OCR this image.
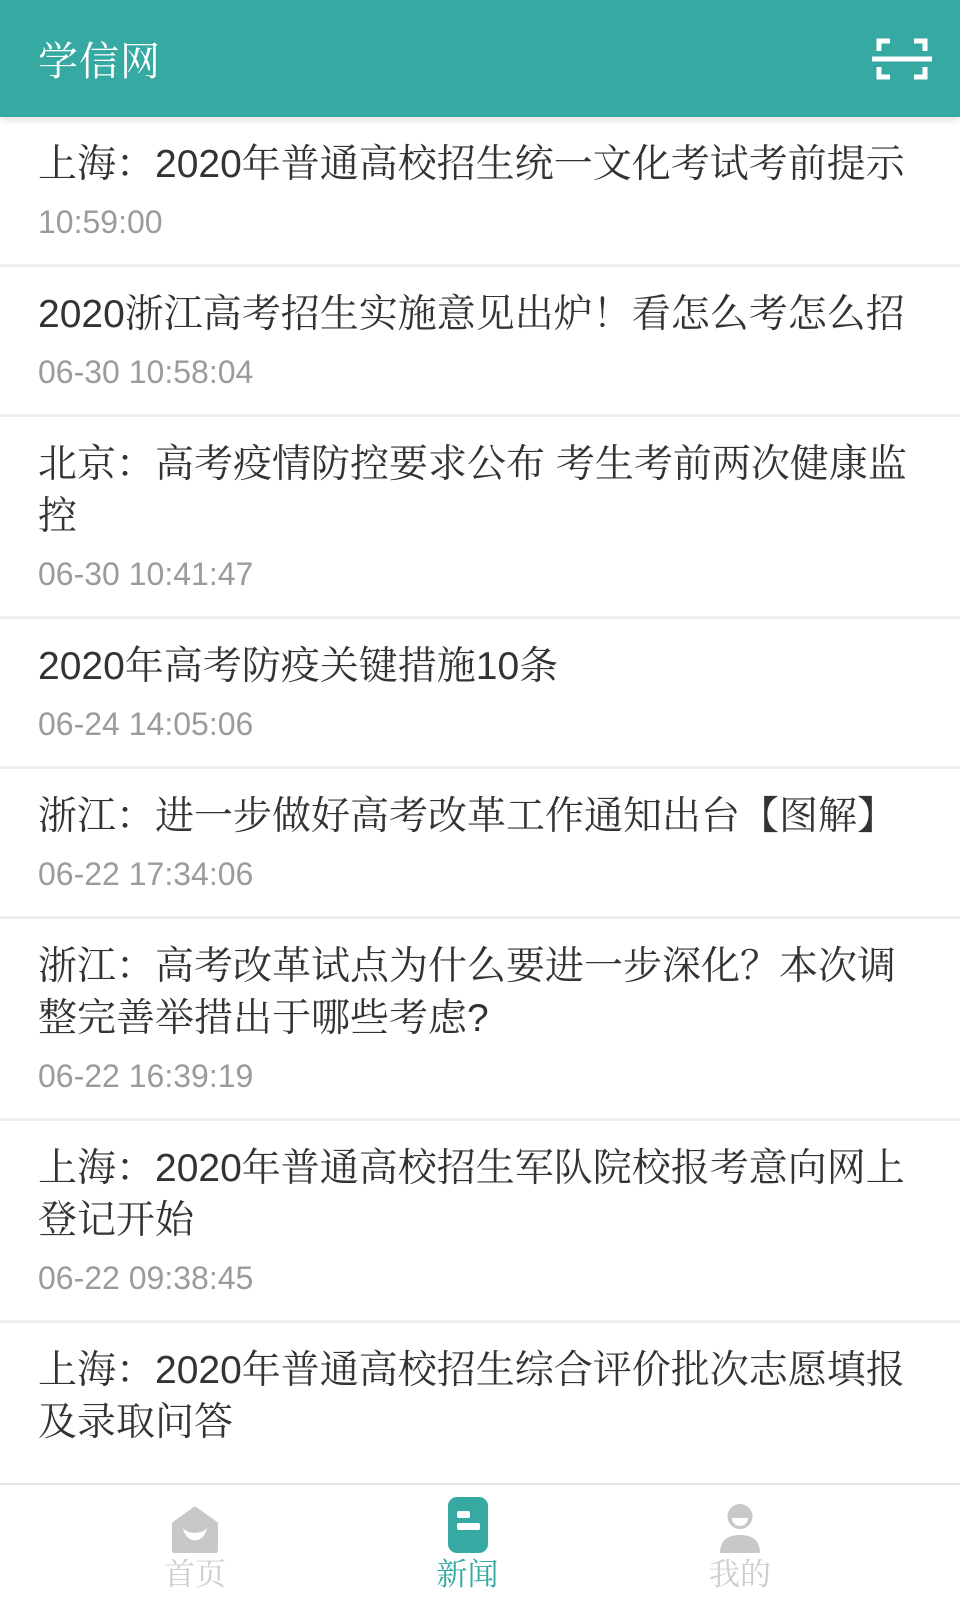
学信网
上海：2020年普通高校招生统一文化考试考前提示
10:59:00
2020浙江高考招生实施意见出炉！看怎么考怎么招
06-30 10:58:04
北京：高考疫情防控要求公布 考生考前两次健康监控
06-30 10:41:47
2020年高考防疫关键措施10条
06-24 14:05:06
浙江：进一步做好高考改革工作通知出台【图解】
06-22 17:34:06
浙江：高考改革试点为什么要进一步深化？本次调整完善举措出于哪些考虑?
06-22 16:39:19
上海：2020年普通高校招生军队院校报考意向网上登记开始
06-22 09:38:45
上海：2020年普通高校招生综合评价批次志愿填报及录取问答
首页	新闻	我的
